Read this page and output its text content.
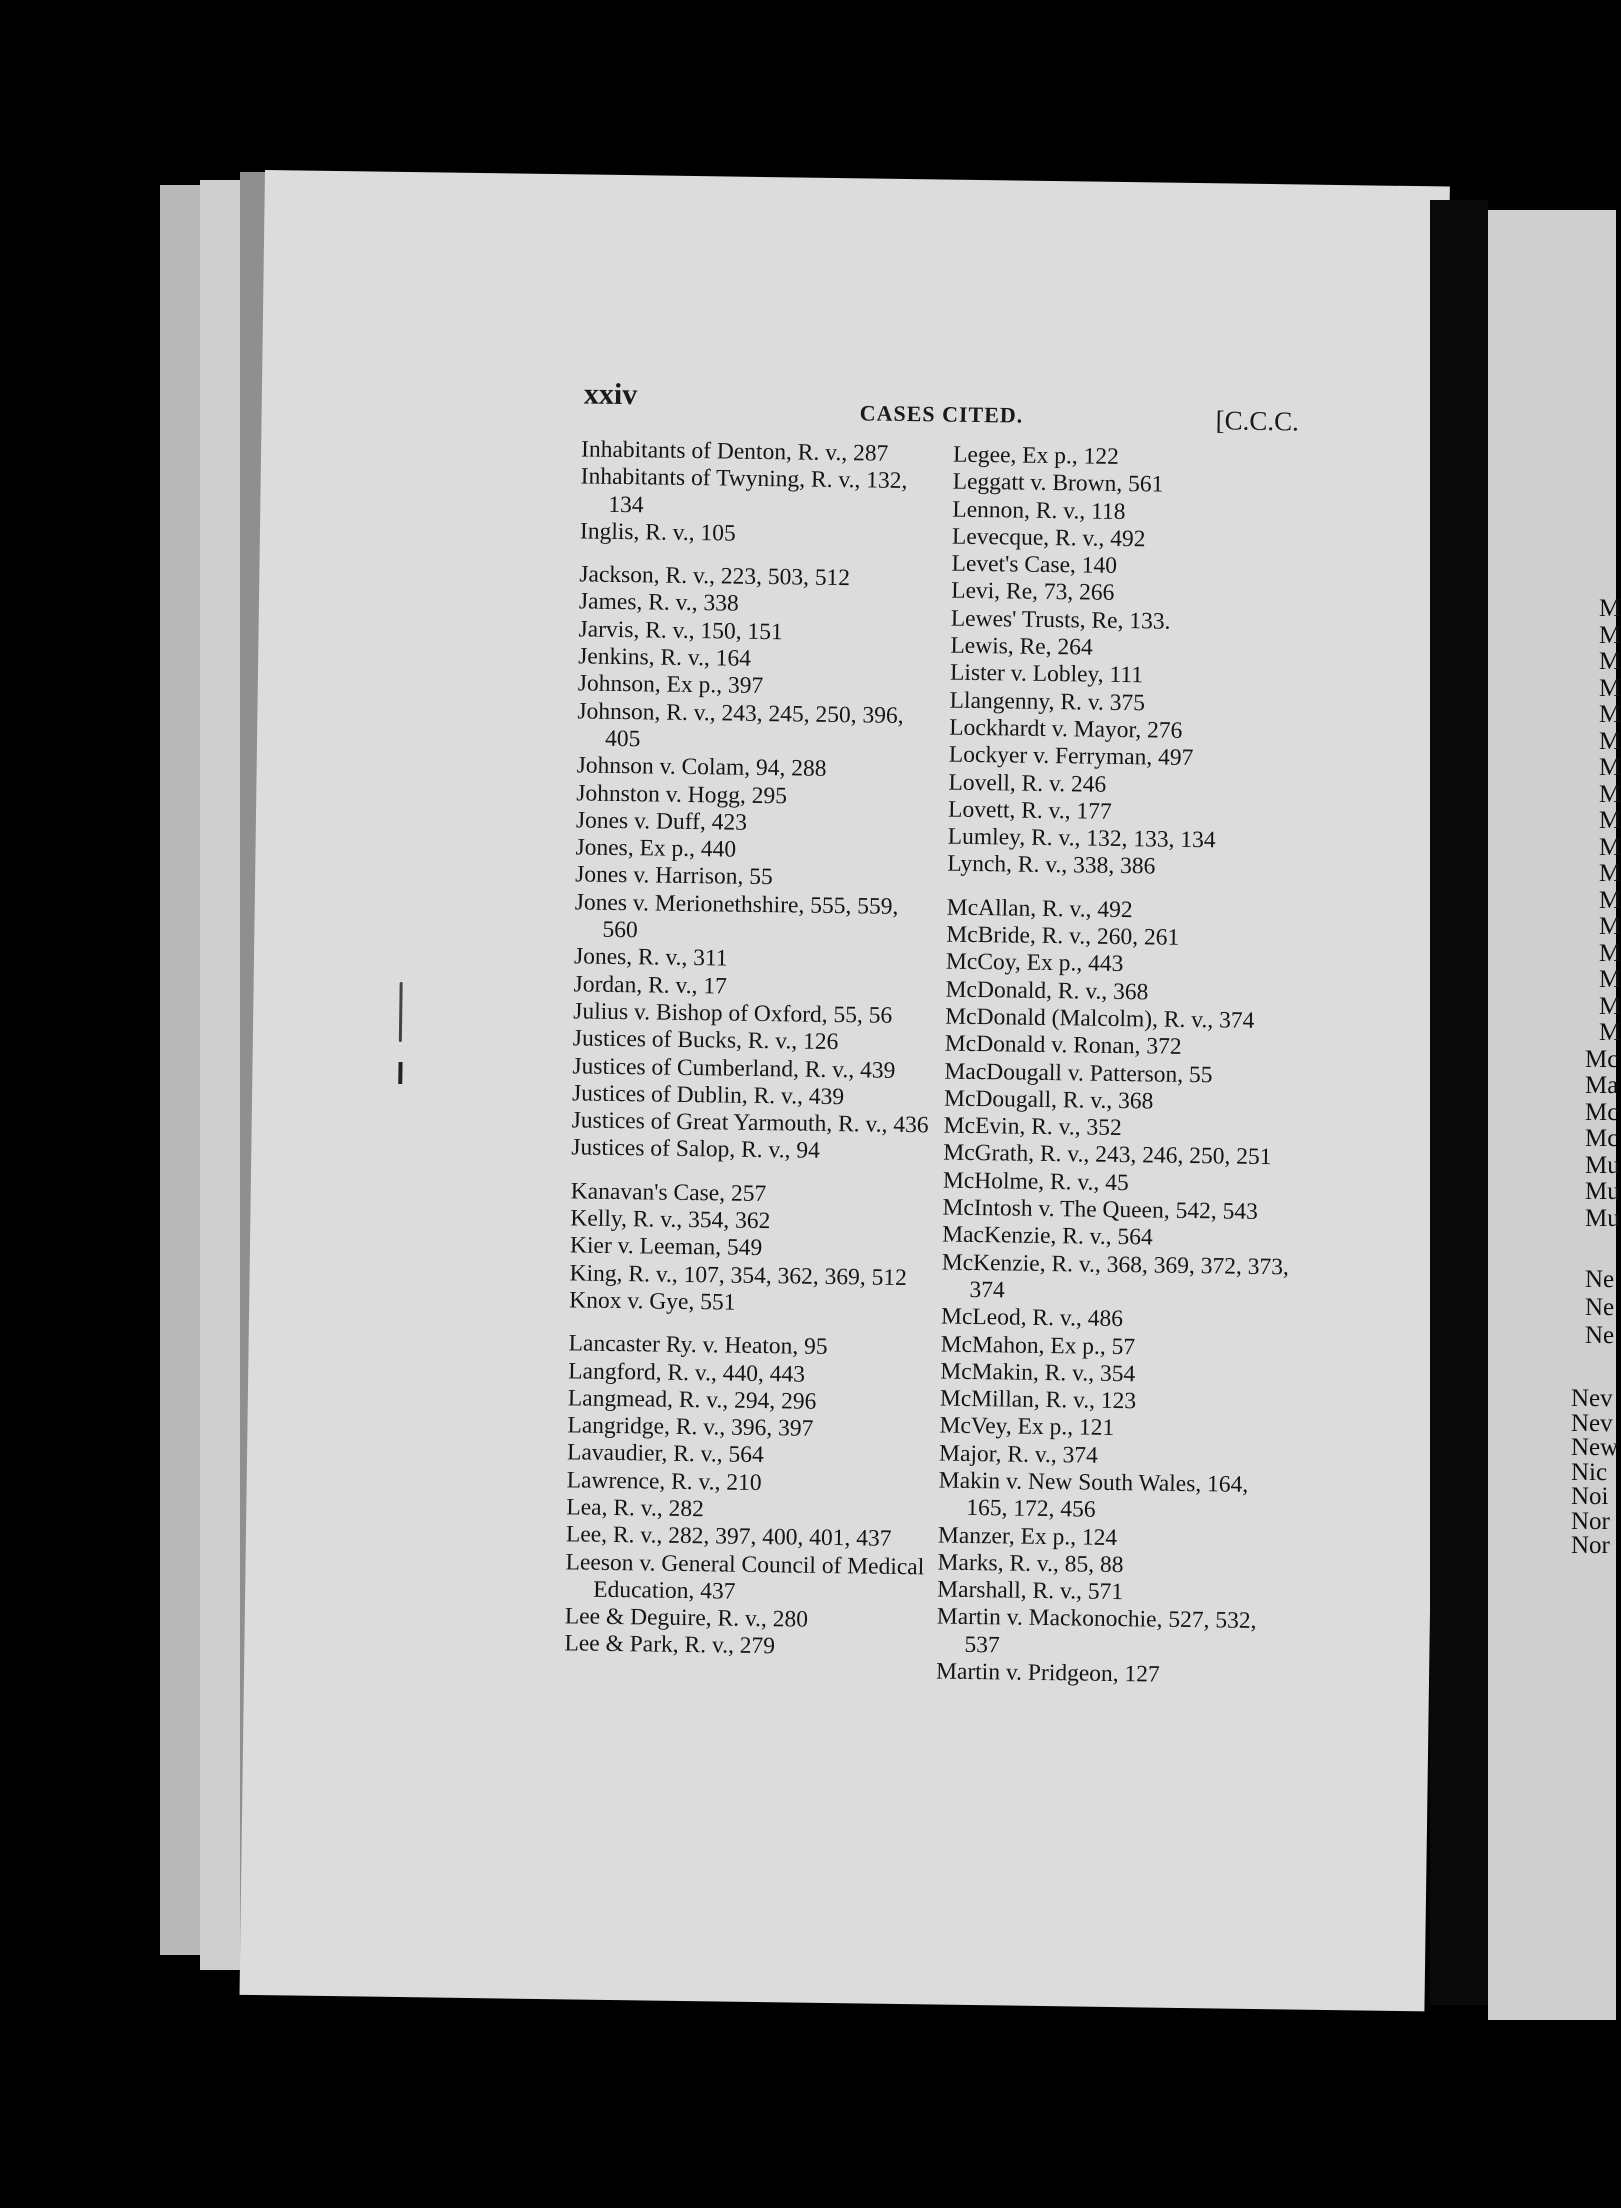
xxiv
CASES CITED.	[C.C.C.
Inhabitants of Denton, R. v., 287
Inhabitants of Twyning, R. v., 132, 134
Inglis, R. v., 105
Jackson, R. v., 223, 503, 512
James, R. v., 338
Jarvis, R. v., 150, 151
Jenkins, R. v., 164
Johnson, Ex p., 397
Johnson, R. v., 243, 245, 250, 396, 405
Johnson v. Colam, 94, 288
Johnston v. Hogg, 295
Jones v. Duff, 423
Jones, Ex p., 440
Jones v. Harrison, 55
Jones v. Merionethshire, 555, 559, 560
Jones, R. v., 311
Jordan, R. v., 17
Julius v. Bishop of Oxford, 55, 56
Justices of Bucks, R. v., 126
Justices of Cumberland, R. v., 439
Justices of Dublin, R. v., 439
Justices of Great Yarmouth, R. v., 436
Justices of Salop, R. v., 94
Kanavan's Case, 257
Kelly, R. v., 354, 362
Kier v. Leeman, 549
King, R. v., 107, 354, 362, 369, 512
Knox v. Gye, 551
Lancaster Ry. v. Heaton, 95
Langford, R. v., 440, 443
Langmead, R. v., 294, 296
Langridge, R. v., 396, 397
Lavaudier, R. v., 564
Lawrence, R. v., 210
Lea, R. v., 282
Lee, R. v., 282, 397, 400, 401, 437
Leeson v. General Council of Medical Education, 437
Lee & Deguire, R. v., 280
Lee & Park, R. v., 279
Legee, Ex p., 122
Leggatt v. Brown, 561
Lennon, R. v., 118
Levecque, R. v., 492
Levet's Case, 140
Levi, Re, 73, 266
Lewes' Trusts, Re, 133.
Lewis, Re, 264
Lister v. Lobley, 111
Llangenny, R. v. 375
Lockhardt v. Mayor, 276
Lockyer v. Ferryman, 497
Lovell, R. v. 246
Lovett, R. v., 177
Lumley, R. v., 132, 133, 134
Lynch, R. v., 338, 386
McAllan, R. v., 492
McBride, R. v., 260, 261
McCoy, Ex p., 443
McDonald, R. v., 368
McDonald (Malcolm), R. v., 374
McDonald v. Ronan, 372
MacDougall v. Patterson, 55
McDougall, R. v., 368
McEvin, R. v., 352
McGrath, R. v., 243, 246, 250, 251
McHolme, R. v., 45
McIntosh v. The Queen, 542, 543
MacKenzie, R. v., 564
McKenzie, R. v., 368, 369, 372, 373, 374
McLeod, R. v., 486
McMahon, Ex p., 57
McMakin, R. v., 354
McMillan, R. v., 123
McVey, Ex p., 121
Major, R. v., 374
Makin v. New South Wales, 164, 165, 172, 456
Manzer, Ex p., 124
Marks, R. v., 85, 88
Marshall, R. v., 571
Martin v. Mackonochie, 527, 532, 537
Martin v. Pridgeon, 127
M
M
M
M
M
M
M
M
M
M
M
M
M
M
M
M
M
Mc
Ma
Mc
Mc
Mu
Mu
Mu
Ne
Ne
Ne
Nev
Nev
New
Nic
Noi
Nor
Nor
